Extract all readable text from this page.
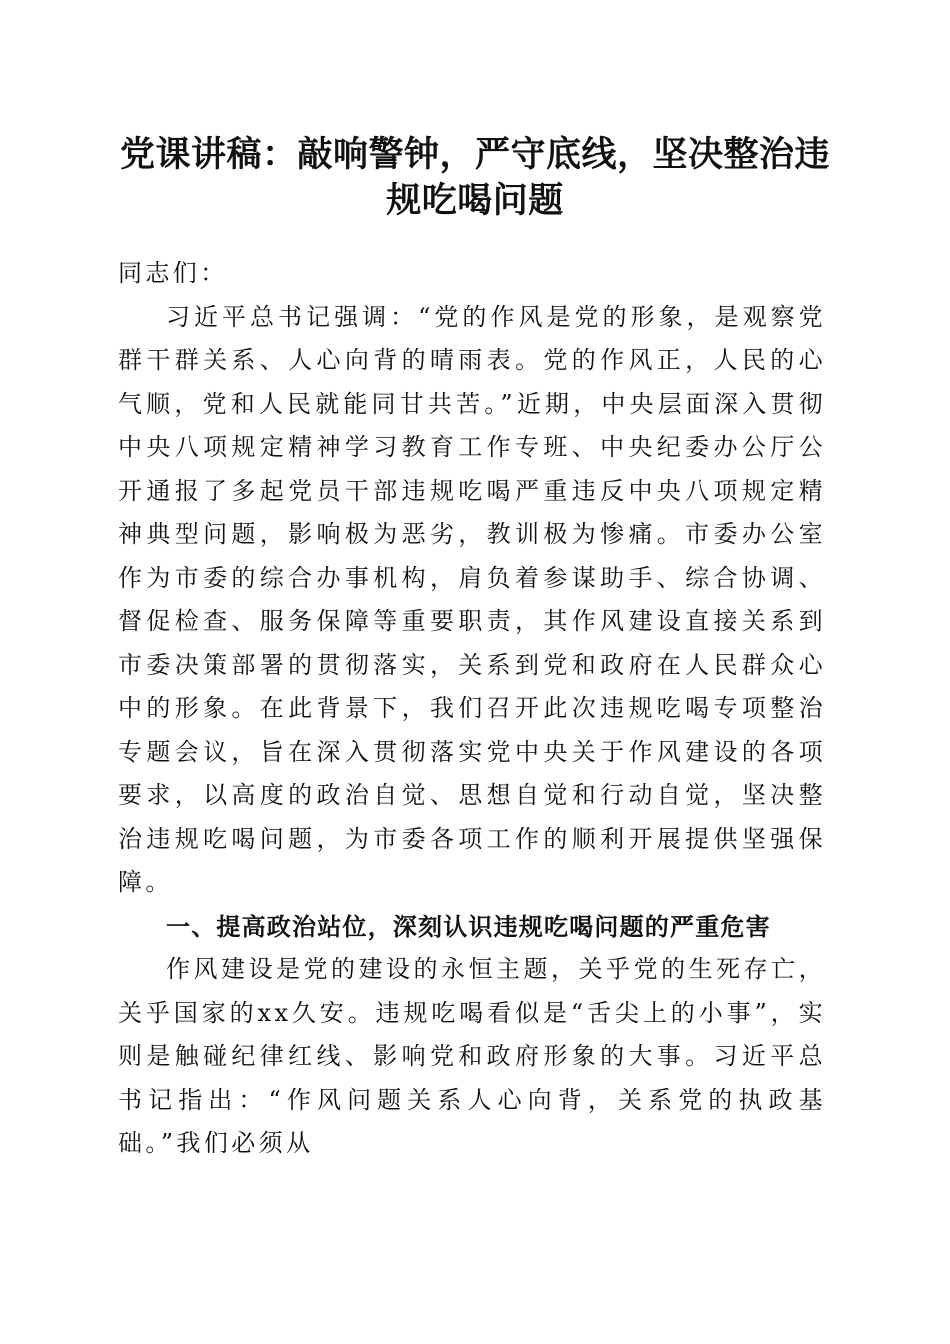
党课讲稿：敲响警钟，严守底线，坚决整治违规吃喝问题

同志们：

习近平总书记强调：“党的作风是党的形象，是观察党群干群关系、人心向背的晴雨表。党的作风正，人民的心气顺，党和人民就能同甘共苦。”近期，中央层面深入贯彻中央八项规定精神学习教育工作专班、中央纪委办公厅公开通报了多起党员干部违规吃喝严重违反中央八项规定精神典型问题，影响极为恶劣，教训极为惨痛。市委办公室作为市委的综合办事机构，肩负着参谋助手、综合协调、督促检查、服务保障等重要职责，其作风建设直接关系到市委决策部署的贯彻落实，关系到党和政府在人民群众心中的形象。在此背景下，我们召开此次违规吃喝专项整治专题会议，旨在深入贯彻落实党中央关于作风建设的各项要求，以高度的政治自觉、思想自觉和行动自觉，坚决整治违规吃喝问题，为市委各项工作的顺利开展提供坚强保障。

一、提高政治站位，深刻认识违规吃喝问题的严重危害

作风建设是党的建设的永恒主题，关乎党的生死存亡，关乎国家的xx久安。违规吃喝看似是“舌尖上的小事”，实则是触碰纪律红线、影响党和政府形象的大事。习近平总书记指出：“作风问题关系人心向背，关系党的执政基础。”我们必须从
